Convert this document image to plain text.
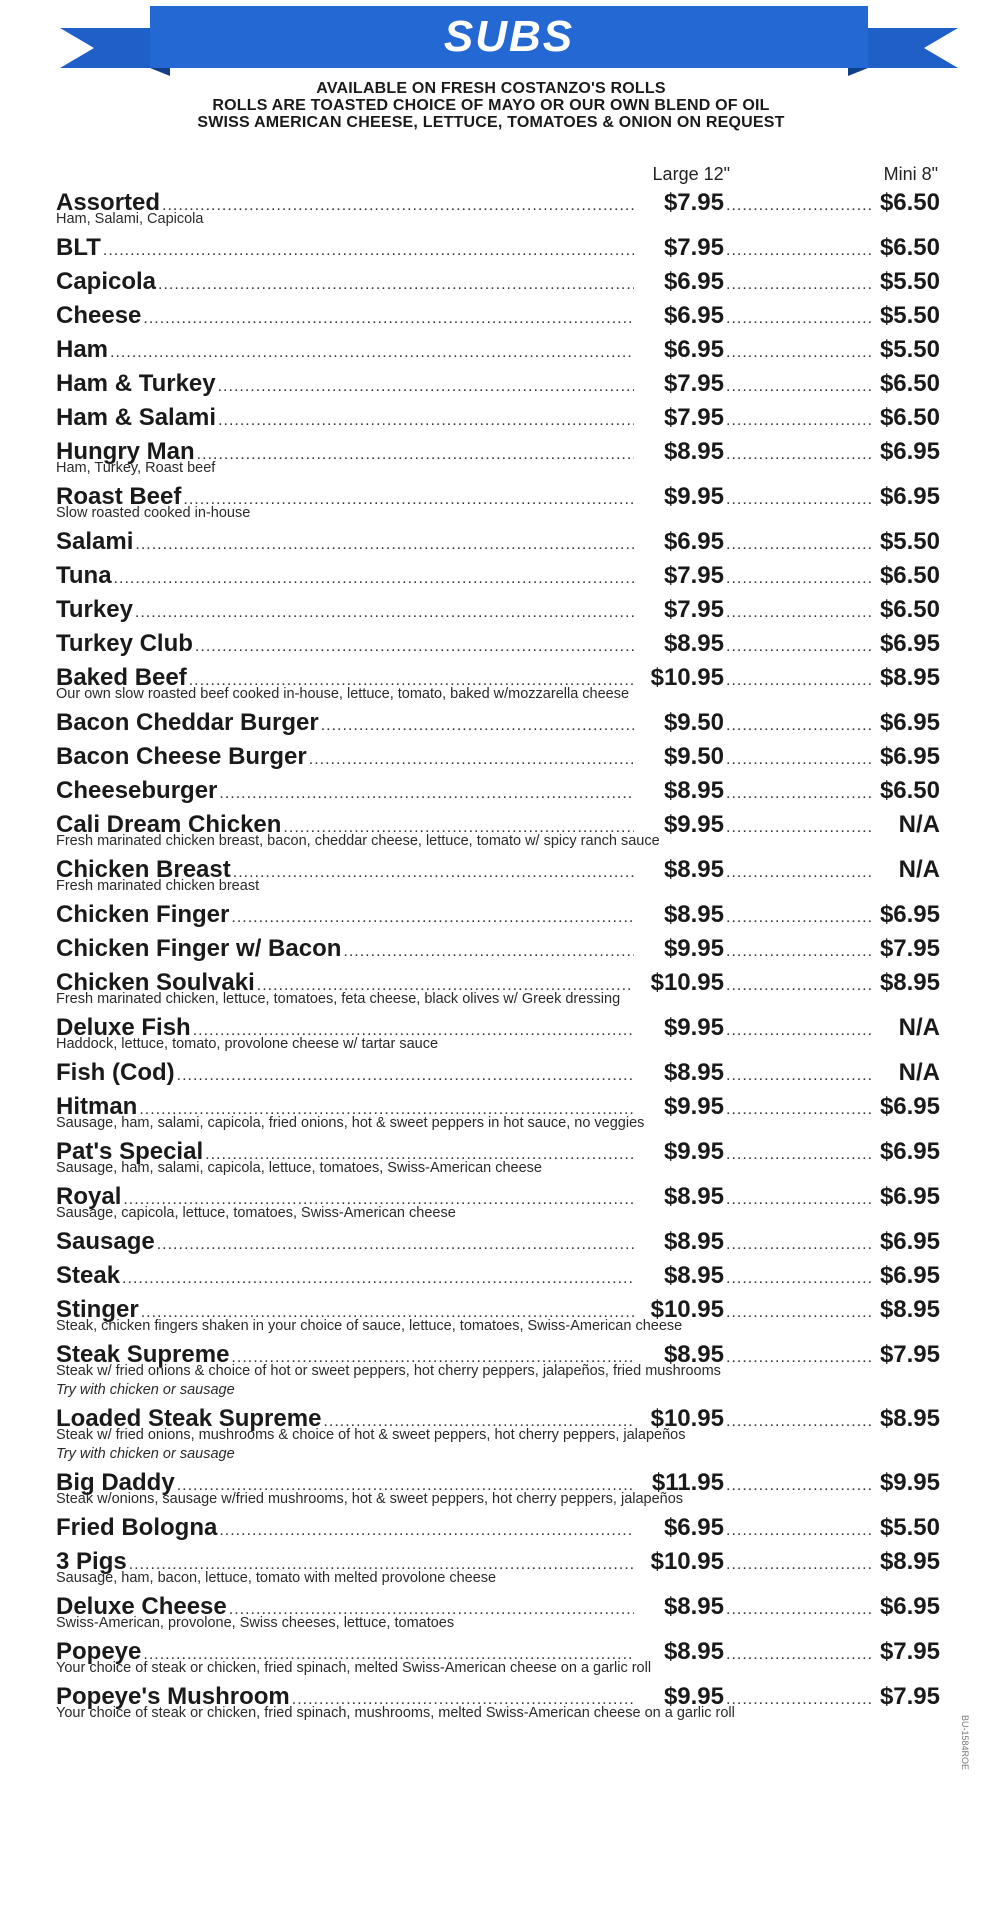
SUBS
AVAILABLE ON FRESH COSTANZO'S ROLLS
ROLLS ARE TOASTED CHOICE OF MAYO OR OUR OWN BLEND OF OIL
SWISS AMERICAN CHEESE, LETTUCE, TOMATOES & ONION ON REQUEST
Large 12"	Mini 8"
Assorted .....	$7.95 .....	$6.50
Ham, Salami, Capicola
BLT .....	$7.95 .....	$6.50
Capicola .....	$6.95 .....	$5.50
Cheese .....	$6.95 .....	$5.50
Ham .....	$6.95 .....	$5.50
Ham & Turkey .....	$7.95 .....	$6.50
Ham & Salami .....	$7.95 .....	$6.50
Hungry Man .....	$8.95 .....	$6.95
Ham, Turkey, Roast beef
Roast Beef .....	$9.95 .....	$6.95
Slow roasted cooked in-house
Salami .....	$6.95 .....	$5.50
Tuna .....	$7.95 .....	$6.50
Turkey .....	$7.95 .....	$6.50
Turkey Club .....	$8.95 .....	$6.95
Baked Beef .....	$10.95 .....	$8.95
Our own slow roasted beef cooked in-house, lettuce, tomato, baked w/mozzarella cheese
Bacon Cheddar Burger .....	$9.50 .....	$6.95
Bacon Cheese Burger .....	$9.50 .....	$6.95
Cheeseburger .....	$8.95 .....	$6.50
Cali Dream Chicken .....	$9.95 .....	N/A
Fresh marinated chicken breast, bacon, cheddar cheese, lettuce, tomato w/ spicy ranch sauce
Chicken Breast .....	$8.95 .....	N/A
Fresh marinated chicken breast
Chicken Finger .....	$8.95 .....	$6.95
Chicken Finger w/ Bacon .....	$9.95 .....	$7.95
Chicken Soulvaki .....	$10.95 .....	$8.95
Fresh marinated chicken, lettuce, tomatoes, feta cheese, black olives w/ Greek dressing
Deluxe Fish .....	$9.95 .....	N/A
Haddock, lettuce, tomato, provolone cheese w/ tartar sauce
Fish (Cod) .....	$8.95 .....	N/A
Hitman .....	$9.95 .....	$6.95
Sausage, ham, salami, capicola, fried onions, hot & sweet peppers in hot sauce, no veggies
Pat's Special .....	$9.95 .....	$6.95
Sausage, ham, salami, capicola, lettuce, tomatoes, Swiss-American cheese
Royal .....	$8.95 .....	$6.95
Sausage, capicola, lettuce, tomatoes, Swiss-American cheese
Sausage .....	$8.95 .....	$6.95
Steak .....	$8.95 .....	$6.95
Stinger .....	$10.95 .....	$8.95
Steak, chicken fingers shaken in your choice of sauce, lettuce, tomatoes, Swiss-American cheese
Steak Supreme .....	$8.95 .....	$7.95
Steak w/ fried onions & choice of hot or sweet peppers, hot cherry peppers, jalapeños, fried mushrooms
Try with chicken or sausage
Loaded Steak Supreme .....	$10.95 .....	$8.95
Steak w/ fried onions, mushrooms & choice of hot & sweet peppers, hot cherry peppers, jalapeños
Try with chicken or sausage
Big Daddy .....	$11.95 .....	$9.95
Steak w/onions, sausage w/fried mushrooms, hot & sweet peppers, hot cherry peppers, jalapeños
Fried Bologna .....	$6.95 .....	$5.50
3 Pigs .....	$10.95 .....	$8.95
Sausage, ham, bacon, lettuce, tomato with melted provolone cheese
Deluxe Cheese .....	$8.95 .....	$6.95
Swiss-American, provolone, Swiss cheeses, lettuce, tomatoes
Popeye .....	$8.95 .....	$7.95
Your choice of steak or chicken, fried spinach, melted Swiss-American cheese on a garlic roll
Popeye's Mushroom .....	$9.95 .....	$7.95
Your choice of steak or chicken, fried spinach, mushrooms, melted Swiss-American cheese on a garlic roll
BU-1584ROE
